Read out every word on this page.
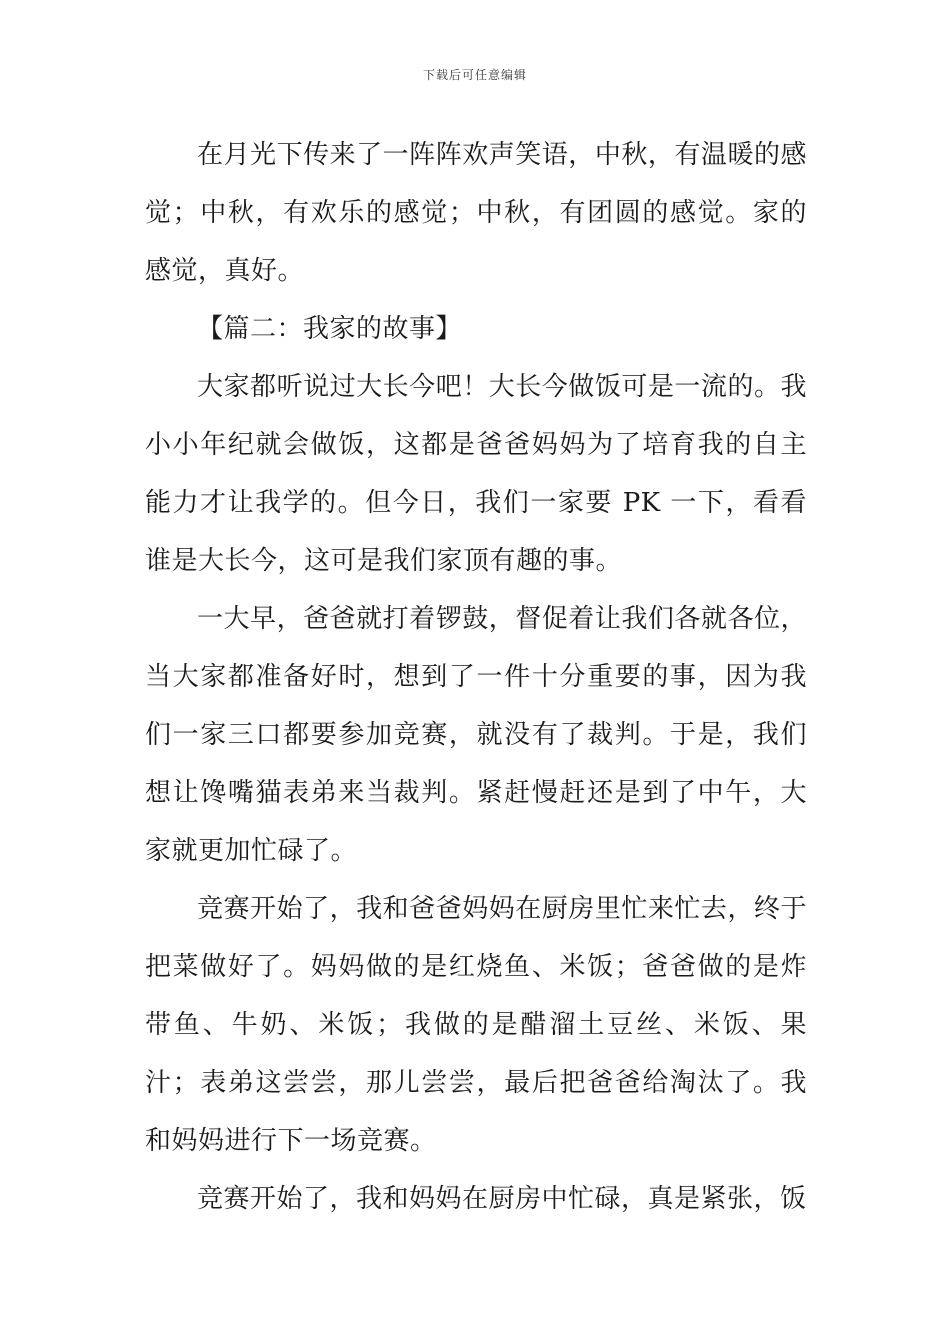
下载后可任意编辑

在月光下传来了一阵阵欢声笑语，中秋，有温暖的感觉；中秋，有欢乐的感觉；中秋，有团圆的感觉。家的感觉，真好。

【篇二：我家的故事】

大家都听说过大长今吧！大长今做饭可是一流的。我小小年纪就会做饭，这都是爸爸妈妈为了培育我的自主能力才让我学的。但今日，我们一家要 PK 一下，看看谁是大长今，这可是我们家顶有趣的事。

一大早，爸爸就打着锣鼓，督促着让我们各就各位，当大家都准备好时，想到了一件十分重要的事，因为我们一家三口都要参加竞赛，就没有了裁判。于是，我们想让馋嘴猫表弟来当裁判。紧赶慢赶还是到了中午，大家就更加忙碌了。

竞赛开始了，我和爸爸妈妈在厨房里忙来忙去，终于把菜做好了。妈妈做的是红烧鱼、米饭；爸爸做的是炸带鱼、牛奶、米饭；我做的是醋溜土豆丝、米饭、果汁；表弟这尝尝，那儿尝尝，最后把爸爸给淘汰了。我和妈妈进行下一场竞赛。

竞赛开始了，我和妈妈在厨房中忙碌，真是紧张，饭
